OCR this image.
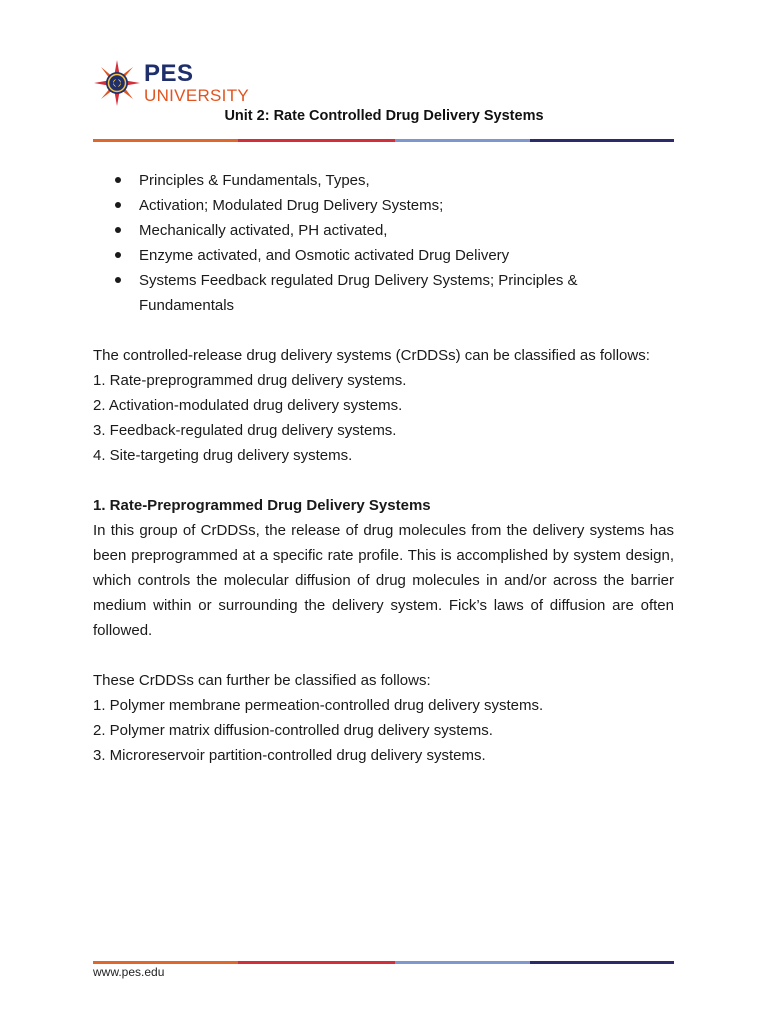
PES
UNIVERSITY
Unit 2: Rate Controlled Drug Delivery Systems
Principles & Fundamentals, Types,
Activation; Modulated Drug Delivery Systems;
Mechanically activated, PH activated,
Enzyme activated, and Osmotic activated Drug Delivery
Systems Feedback regulated Drug Delivery Systems; Principles & Fundamentals

The controlled-release drug delivery systems (CrDDSs) can be classified as follows:

1. Rate-preprogrammed drug delivery systems.

2. Activation-modulated drug delivery systems.

3. Feedback-regulated drug delivery systems.

4. Site-targeting drug delivery systems.

1. Rate-Preprogrammed Drug Delivery Systems

In this group of CrDDSs, the release of drug molecules from the delivery systems has been preprogrammed at a specific rate profile. This is accomplished by system design, which controls the molecular diffusion of drug molecules in and/or across the barrier medium within or surrounding the delivery system. Fick’s laws of diffusion are often followed.

These CrDDSs can further be classified as follows:

1. Polymer membrane permeation-controlled drug delivery systems.

2. Polymer matrix diffusion-controlled drug delivery systems.

3. Microreservoir partition-controlled drug delivery systems.

www.pes.edu
